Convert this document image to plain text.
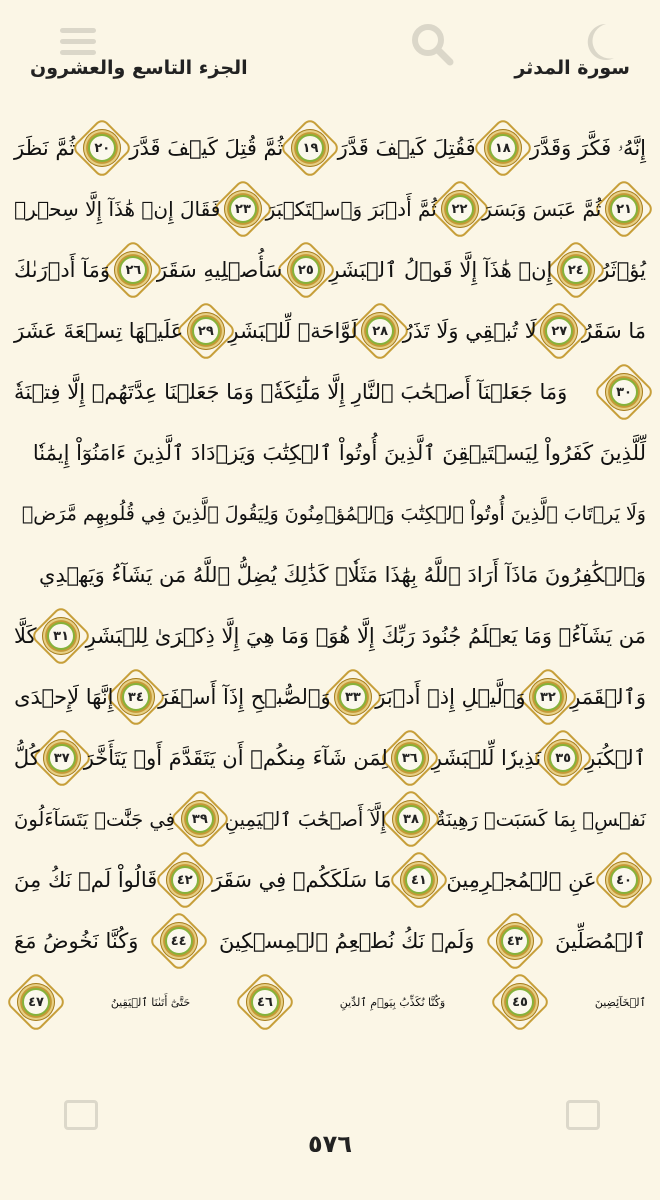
سورة المدثر
الجزء التاسع والعشرون
إِنَّهُۥ فَكَّرَ وَقَدَّرَ
١٨
فَقُتِلَ كَيۡفَ قَدَّرَ
١٩
ثُمَّ قُتِلَ كَيۡفَ قَدَّرَ
٢٠
ثُمَّ نَظَرَ
٢١
ثُمَّ عَبَسَ وَبَسَرَ
٢٢
ثُمَّ أَدۡبَرَ وَٱسۡتَكۡبَرَ
٢٣
فَقَالَ إِنۡ هَٰذَآ إِلَّا سِحۡرٞ
يُؤۡثَرُ
٢٤
إِنۡ هَٰذَآ إِلَّا قَوۡلُ ٱلۡبَشَرِ
٢٥
سَأُصۡلِيهِ سَقَرَ
٢٦
وَمَآ أَدۡرَىٰكَ
مَا سَقَرُ
٢٧
لَا تُبۡقِي وَلَا تَذَرُ
٢٨
لَوَّاحَةٞ لِّلۡبَشَرِ
٢٩
عَلَيۡهَا تِسۡعَةَ عَشَرَ
٣٠
وَمَا جَعَلۡنَآ أَصۡحَٰبَ ٱلنَّارِ إِلَّا مَلَٰٓئِكَةٗۙ وَمَا جَعَلۡنَا عِدَّتَهُمۡ إِلَّا فِتۡنَةٗ
لِّلَّذِينَ كَفَرُواْ لِيَسۡتَيۡقِنَ ٱلَّذِينَ أُوتُواْ ٱلۡكِتَٰبَ وَيَزۡدَادَ ٱلَّذِينَ ءَامَنُوٓاْ إِيمَٰنٗا
وَلَا يَرۡتَابَ ٱلَّذِينَ أُوتُواْ ٱلۡكِتَٰبَ وَٱلۡمُؤۡمِنُونَ وَلِيَقُولَ ٱلَّذِينَ فِي قُلُوبِهِم مَّرَضٞ
وَٱلۡكَٰفِرُونَ مَاذَآ أَرَادَ ٱللَّهُ بِهَٰذَا مَثَلٗاۚ كَذَٰلِكَ يُضِلُّ ٱللَّهُ مَن يَشَآءُ وَيَهۡدِي
مَن يَشَآءُۚ وَمَا يَعۡلَمُ جُنُودَ رَبِّكَ إِلَّا هُوَۚ وَمَا هِيَ إِلَّا ذِكۡرَىٰ لِلۡبَشَرِ
٣١
كَلَّا
وَٱلۡقَمَرِ
٣٢
وَٱلَّيۡلِ إِذۡ أَدۡبَرَ
٣٣
وَٱلصُّبۡحِ إِذَآ أَسۡفَرَ
٣٤
إِنَّهَا لَإِحۡدَى
ٱلۡكُبَرِ
٣٥
نَذِيرٗا لِّلۡبَشَرِ
٣٦
لِمَن شَآءَ مِنكُمۡ أَن يَتَقَدَّمَ أَوۡ يَتَأَخَّرَ
٣٧
كُلُّ
نَفۡسِۭ بِمَا كَسَبَتۡ رَهِينَةٌ
٣٨
إِلَّآ أَصۡحَٰبَ ٱلۡيَمِينِ
٣٩
فِي جَنَّٰتٖ يَتَسَآءَلُونَ
٤٠
عَنِ ٱلۡمُجۡرِمِينَ
٤١
مَا سَلَكَكُمۡ فِي سَقَرَ
٤٢
قَالُواْ لَمۡ نَكُ مِنَ
ٱلۡمُصَلِّينَ
٤٣
وَلَمۡ نَكُ نُطۡعِمُ ٱلۡمِسۡكِينَ
٤٤
وَكُنَّا نَخُوضُ مَعَ
ٱلۡخَآئِضِينَ
٤٥
وَكُنَّا نُكَذِّبُ بِيَوۡمِ ٱلدِّينِ
٤٦
حَتَّىٰٓ أَتَىٰنَا ٱلۡيَقِينُ
٤٧
٥٧٦
